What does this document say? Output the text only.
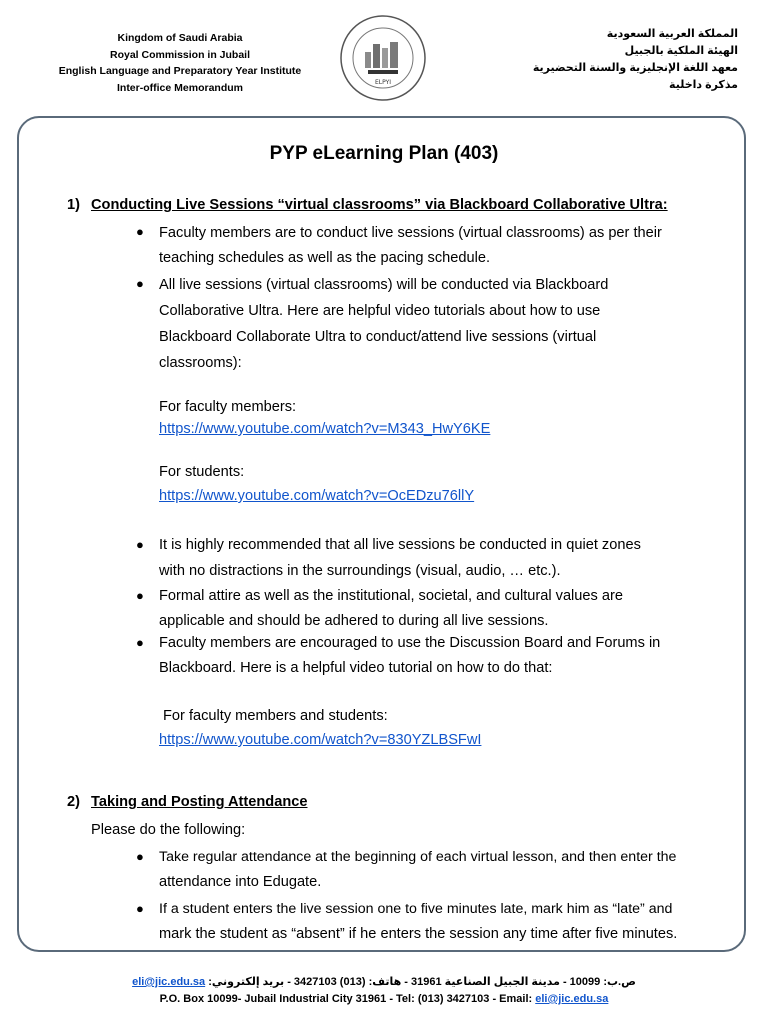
Kingdom of Saudi Arabia
Royal Commission in Jubail
English Language and Preparatory Year Institute
Inter-office Memorandum	ELPYI
المملكة العربية السعودية
الهيئة الملكية بالجبيل
معهد اللغة الإنجليزية والسنة التحضيرية
مذكرة داخلية
PYP eLearning Plan (403)
1) Conducting Live Sessions “virtual classrooms” via Blackboard Collaborative Ultra:
● Faculty members are to conduct live sessions (virtual classrooms) as per their
teaching schedules as well as the pacing schedule.
● All live sessions (virtual classrooms) will be conducted via Blackboard
Collaborative Ultra. Here are helpful video tutorials about how to use
Blackboard Collaborate Ultra to conduct/attend live sessions (virtual
classrooms):
For faculty members:
https://www.youtube.com/watch?v=M343_HwY6KE
For students:
https://www.youtube.com/watch?v=OcEDzu76llY
● It is highly recommended that all live sessions be conducted in quiet zones
with no distractions in the surroundings (visual, audio, … etc.).
● Formal attire as well as the institutional, societal, and cultural values are
applicable and should be adhered to during all live sessions.
● Faculty members are encouraged to use the Discussion Board and Forums in
Blackboard. Here is a helpful video tutorial on how to do that:
For faculty members and students:
https://www.youtube.com/watch?v=830YZLBSFwI
2) Taking and Posting Attendance
Please do the following:
● Take regular attendance at the beginning of each virtual lesson, and then enter the
attendance into Edugate.
● If a student enters the live session one to five minutes late, mark him as “late” and
mark the student as “absent” if he enters the session any time after five minutes.
eli@jic.edu.sa ص.ب: 10099 - مدينة الجبيل الصناعية 31961 - هاتف: (013) 3427103 - بريد إلكتروني:
P.O. Box 10099- Jubail Industrial City 31961 - Tel: (013) 3427103 - Email: eli@jic.edu.sa
